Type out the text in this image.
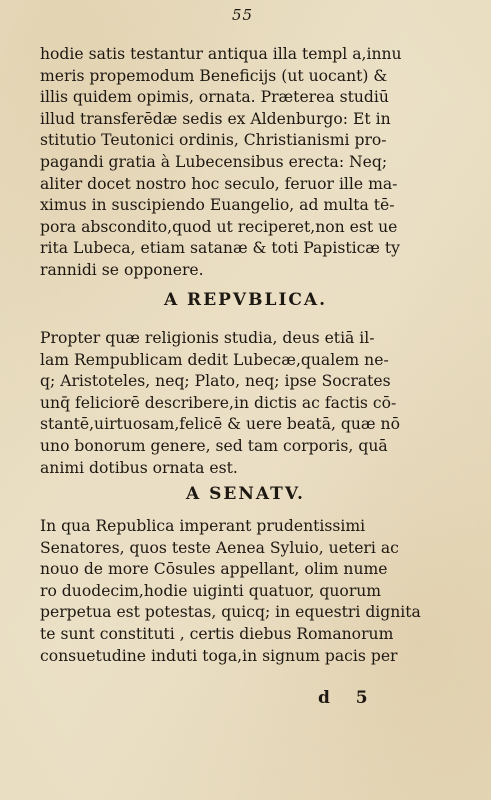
55

hodie satis testantur antiqua illa templ a,innu
meris propemodum Beneficijs (ut uocant) &
illis quidem opimis, ornata. Præterea studiū
illud transferēdæ sedis ex Aldenburgo: Et in
stitutio Teutonici ordinis, Christianismi pro-
pagandi gratia à Lubecensibus erecta: Neq;
aliter docet nostro hoc seculo, feruor ille ma-
ximus in suscipiendo Euangelio, ad multa tē-
pora absconditо,quod ut reciperet,non est ue
rita Lubeca, etiam satanæ & toti Papisticæ ty
rannidi se opponere.

A REPVBLICA.

Propter quæ religionis studia, deus etiā il-
lam Rempublicam dedit Lubecæ,qualem ne-
q; Aristoteles, neq; Plato, neq; ipse Socrates
unq̄ feliciorē describere,in dictis ac factis cō-
stantē,uirtuosam,felicē & uere beatā, quæ nō
uno bonorum genere, sed tam corporis, quā
animi dotibus ornata est.

A SENATV.

In qua Republica imperant prudentissimi
Senatores, quos teste Aenea Syluio, ueteri ac
nouo de more Cōsules appellant, olim nume
ro duodecim,hodie uiginti quatuor, quorum
perpetua est potestas, quicq; in equestri dignita
te sunt constituti , certis diebus Romanorum
consuetudine induti toga,in signum pacis per

d 5
